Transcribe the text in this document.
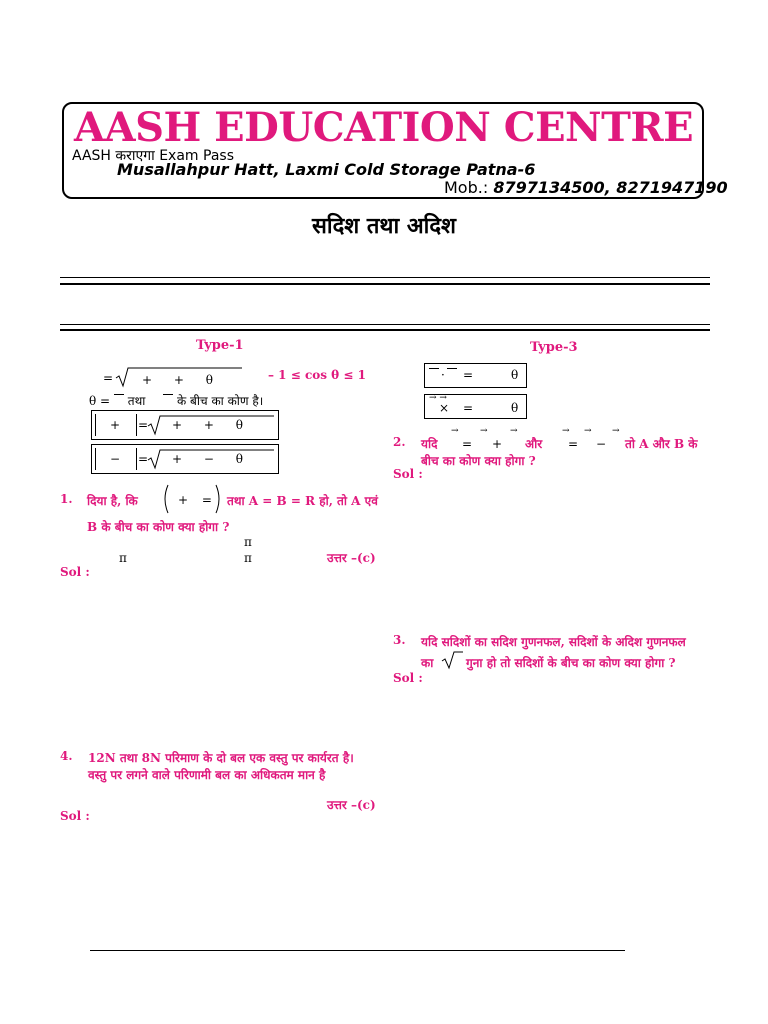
AASH EDUCATION CENTRE
AASH कराएगा Exam Pass
Musallahpur Hatt, Laxmi Cold Storage Patna-6
Mob.: 8797134500, 8271947190
सदिश तथा अदिश
Type-1
= + + θ	– 1 ≤ cos θ ≤ 1
θ = तथा	के बीच का कोण है।
+ = + + θ
− = + − θ
1. दिया है, कि	+ = तथा A = B = R हो, तो A एवं
B के बीच का कोण क्या होगा ?
π
π	π	उत्तर –(c)
Sol :
4. 12N तथा 8N परिमाण के दो बल एक वस्तु पर कार्यरत है।
वस्तु पर लगने वाले परिणामी बल का अधिकतम मान है
उत्तर –(c)
Sol :
Type-3
· =	θ
→ →
× =	θ
2. यदि
→
=
→
+
→
और
→
=
→
−
→
तो A और B के
बीच का कोण क्या होगा ?
Sol :
3. यदि सदिशों का सदिश गुणनफल, सदिशों के अदिश गुणनफल
का	गुना हो तो सदिशों के बीच का कोण क्या होगा ?
Sol :
